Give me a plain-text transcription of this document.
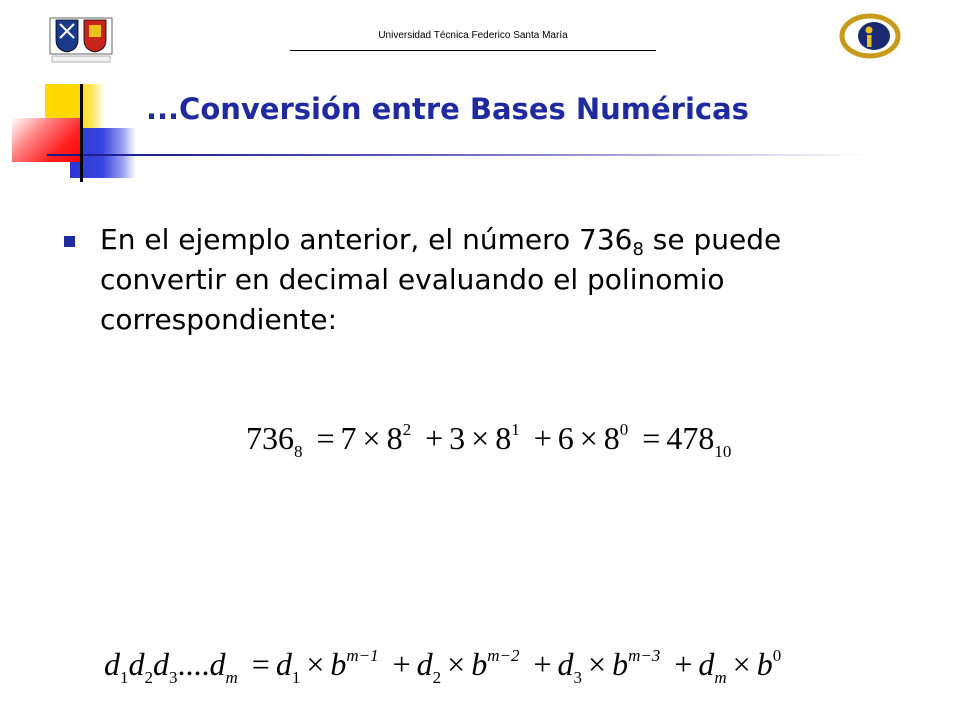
Universidad Técnica Federico Santa María
...Conversión entre Bases Numéricas

En el ejemplo anterior, el número $736_8$ se puede convertir en decimal evaluando el polinomio correspondiente:

$736_8 = 7 \times 8^2 + 3 \times 8^1 + 6 \times 8^0 = 478_{10}$
$d_1d_2d_3....d_m = d_1 \times b^{m-1} + d_2 \times b^{m-2} + d_3 \times b^{m-3} + d_m \times b^0$
